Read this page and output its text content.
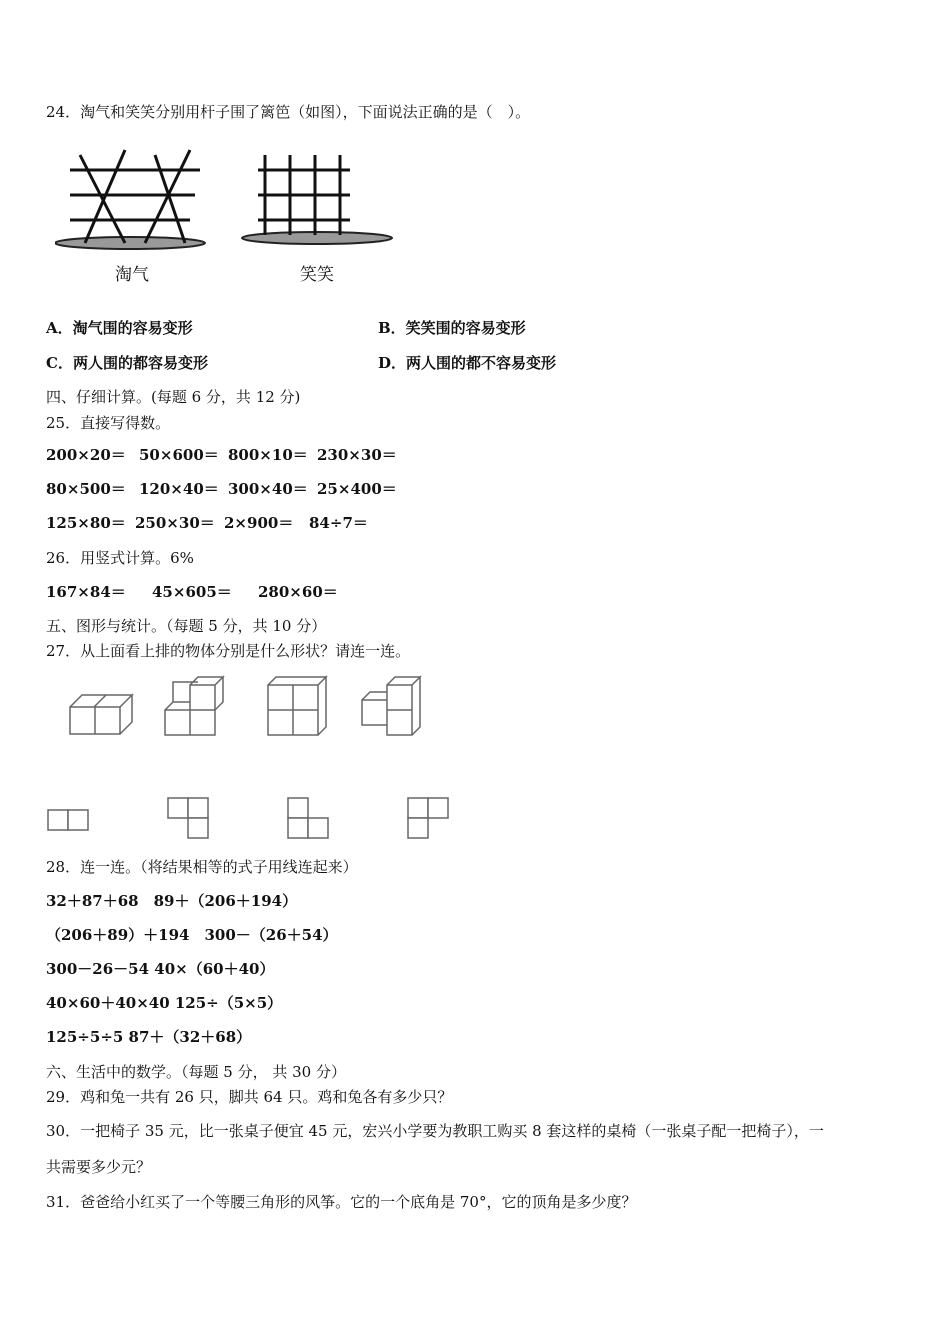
24．淘气和笑笑分别用杆子围了篱笆（如图），下面说法正确的是（　）。
淘气	笑笑
A．淘气围的容易变形	B．笑笑围的容易变形
C．两人围的都容易变形	D．两人围的都不容易变形
四、仔细计算。(每题 6 分，共 12 分)
25．直接写得数。
200×20＝ 50×600＝ 800×10＝ 230×30＝
80×500＝ 120×40＝ 300×40＝ 25×400＝
125×80＝ 250×30＝ 2×900＝ 84÷7＝
26．用竖式计算。6%
167×84＝ 45×605＝ 280×60＝
五、图形与统计。（每题 5 分，共 10 分）
27．从上面看上排的物体分别是什么形状？请连一连。
28．连一连。（将结果相等的式子用线连起来）
32＋87＋68　89＋（206＋194）
（206＋89）＋194　300－（26＋54）
300－26－54 40×（60＋40）
40×60＋40×40 125÷（5×5）
125÷5÷5 87＋（32＋68）
六、生活中的数学。（每题 5 分， 共 30 分）
29．鸡和兔一共有 26 只，脚共 64 只。鸡和兔各有多少只？
30．一把椅子 35 元，比一张桌子便宜 45 元，宏兴小学要为教职工购买 8 套这样的桌椅（一张桌子配一把椅子），一
共需要多少元？
31．爸爸给小红买了一个等腰三角形的风筝。它的一个底角是 70°，它的顶角是多少度？
